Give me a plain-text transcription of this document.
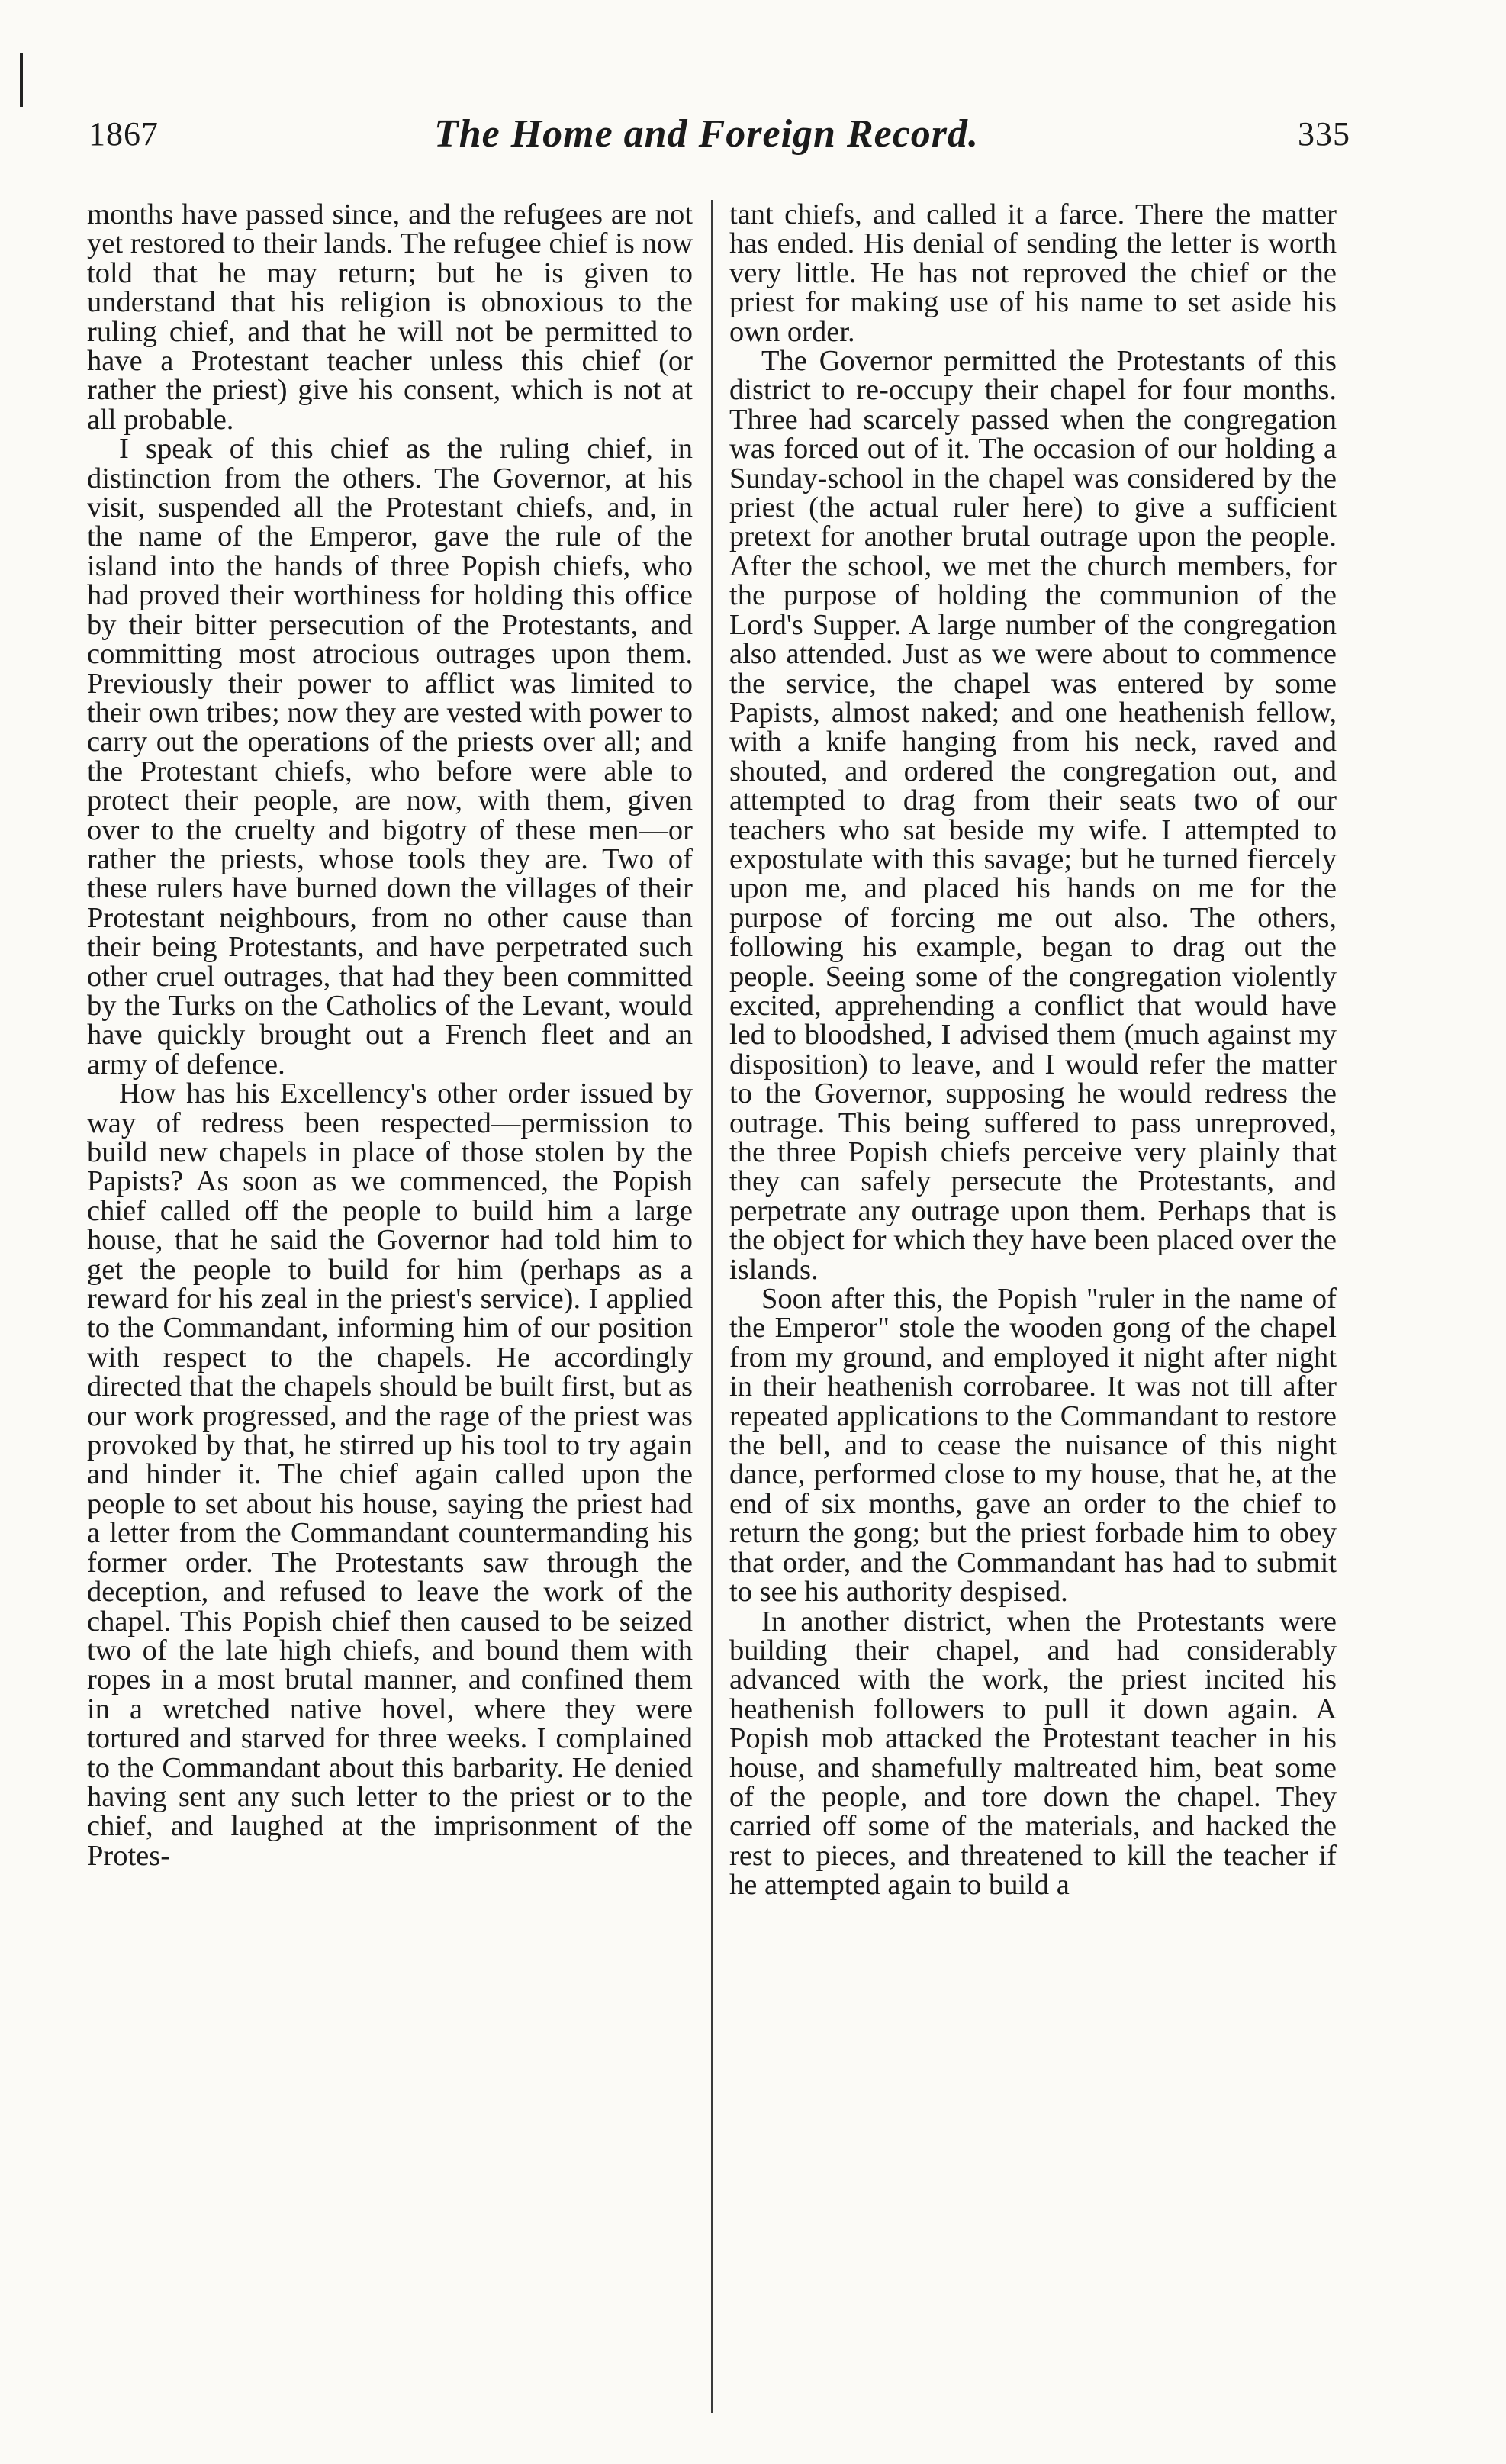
1867	The Home and Foreign Record.	335

months have passed since, and the refugees are not yet restored to their lands. The refugee chief is now told that he may return; but he is given to understand that his religion is obnoxious to the ruling chief, and that he will not be permitted to have a Protestant teacher unless this chief (or rather the priest) give his consent, which is not at all probable.

I speak of this chief as the ruling chief, in distinction from the others. The Governor, at his visit, suspended all the Protestant chiefs, and, in the name of the Emperor, gave the rule of the island into the hands of three Popish chiefs, who had proved their worthiness for holding this office by their bitter persecution of the Protestants, and committing most atrocious outrages upon them. Previously their power to afflict was limited to their own tribes; now they are vested with power to carry out the operations of the priests over all; and the Protestant chiefs, who before were able to protect their people, are now, with them, given over to the cruelty and bigotry of these men—or rather the priests, whose tools they are. Two of these rulers have burned down the villages of their Protestant neighbours, from no other cause than their being Protestants, and have perpetrated such other cruel outrages, that had they been committed by the Turks on the Catholics of the Levant, would have quickly brought out a French fleet and an army of defence.

How has his Excellency's other order issued by way of redress been respected—permission to build new chapels in place of those stolen by the Papists? As soon as we commenced, the Popish chief called off the people to build him a large house, that he said the Governor had told him to get the people to build for him (perhaps as a reward for his zeal in the priest's service). I applied to the Commandant, informing him of our position with respect to the chapels. He accordingly directed that the chapels should be built first, but as our work progressed, and the rage of the priest was provoked by that, he stirred up his tool to try again and hinder it. The chief again called upon the people to set about his house, saying the priest had a letter from the Commandant countermanding his former order. The Protestants saw through the deception, and refused to leave the work of the chapel. This Popish chief then caused to be seized two of the late high chiefs, and bound them with ropes in a most brutal manner, and confined them in a wretched native hovel, where they were tortured and starved for three weeks. I complained to the Commandant about this barbarity. He denied having sent any such letter to the priest or to the chief, and laughed at the imprisonment of the Protes-

tant chiefs, and called it a farce. There the matter has ended. His denial of sending the letter is worth very little. He has not reproved the chief or the priest for making use of his name to set aside his own order.

The Governor permitted the Protestants of this district to re-occupy their chapel for four months. Three had scarcely passed when the congregation was forced out of it. The occasion of our holding a Sunday-school in the chapel was considered by the priest (the actual ruler here) to give a sufficient pretext for another brutal outrage upon the people. After the school, we met the church members, for the purpose of holding the communion of the Lord's Supper. A large number of the congregation also attended. Just as we were about to commence the service, the chapel was entered by some Papists, almost naked; and one heathenish fellow, with a knife hanging from his neck, raved and shouted, and ordered the congregation out, and attempted to drag from their seats two of our teachers who sat beside my wife. I attempted to expostulate with this savage; but he turned fiercely upon me, and placed his hands on me for the purpose of forcing me out also. The others, following his example, began to drag out the people. Seeing some of the congregation violently excited, apprehending a conflict that would have led to bloodshed, I advised them (much against my disposition) to leave, and I would refer the matter to the Governor, supposing he would redress the outrage. This being suffered to pass unreproved, the three Popish chiefs perceive very plainly that they can safely persecute the Protestants, and perpetrate any outrage upon them. Perhaps that is the object for which they have been placed over the islands.

Soon after this, the Popish "ruler in the name of the Emperor" stole the wooden gong of the chapel from my ground, and employed it night after night in their heathenish corrobaree. It was not till after repeated applications to the Commandant to restore the bell, and to cease the nuisance of this night dance, performed close to my house, that he, at the end of six months, gave an order to the chief to return the gong; but the priest forbade him to obey that order, and the Commandant has had to submit to see his authority despised.

In another district, when the Protestants were building their chapel, and had considerably advanced with the work, the priest incited his heathenish followers to pull it down again. A Popish mob attacked the Protestant teacher in his house, and shamefully maltreated him, beat some of the people, and tore down the chapel. They carried off some of the materials, and hacked the rest to pieces, and threatened to kill the teacher if he attempted again to build a
